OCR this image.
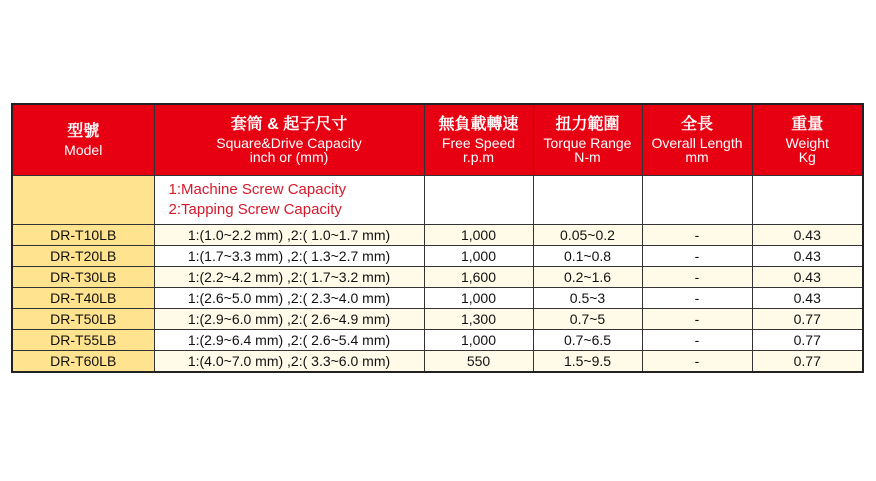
型號
Model	套筒 & 起子尺寸
Square&Drive Capacity
inch or (mm)	無負載轉速
Free Speed
r.p.m	扭力範圍
Torque Range
N-m	全長
Overall Length
mm	重量
Weight
Kg

	1:Machine Screw Capacity
2:Tapping Screw Capacity				

DR-T10LB	1:(1.0~2.2 mm) ,2:( 1.0~1.7 mm)	1,000	0.05~0.2	-	0.43
DR-T20LB	1:(1.7~3.3 mm) ,2:( 1.3~2.7 mm)	1,000	0.1~0.8	-	0.43
DR-T30LB	1:(2.2~4.2 mm) ,2:( 1.7~3.2 mm)	1,600	0.2~1.6	-	0.43
DR-T40LB	1:(2.6~5.0 mm) ,2:( 2.3~4.0 mm)	1,000	0.5~3	-	0.43
DR-T50LB	1:(2.9~6.0 mm) ,2:( 2.6~4.9 mm)	1,300	0.7~5	-	0.77
DR-T55LB	1:(2.9~6.4 mm) ,2:( 2.6~5.4 mm)	1,000	0.7~6.5	-	0.77
DR-T60LB	1:(4.0~7.0 mm) ,2:( 3.3~6.0 mm)	550	1.5~9.5	-	0.77
